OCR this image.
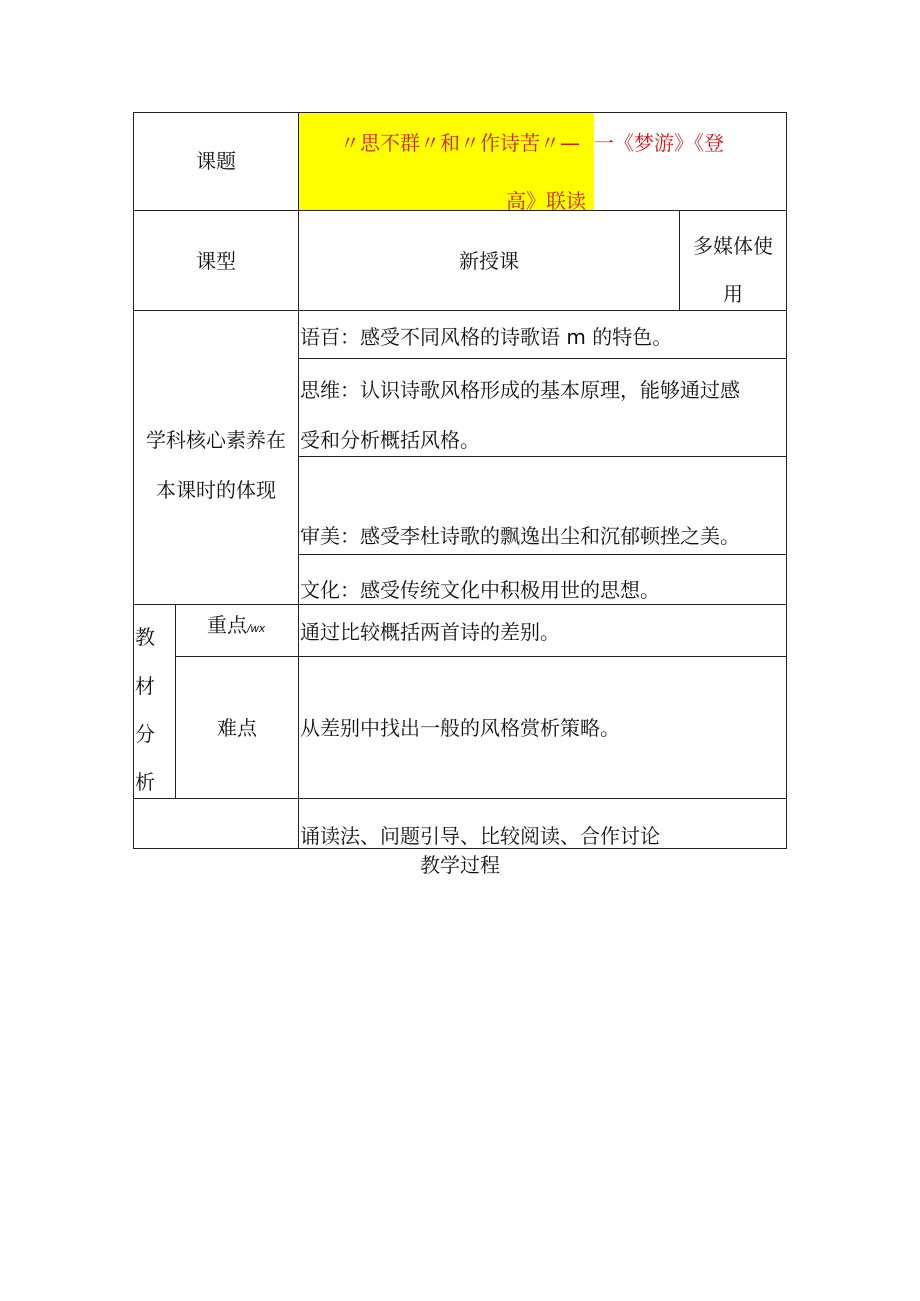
课题
〃思不群〃和〃作诗苦〃— 一《梦游》《登
高》联读
课型	新授课
多媒体使
用
学科核心素养在
本课时的体现
语百：感受不同风格的诗歌语 m 的特色。
思维：认识诗歌风格形成的基本原理，能够通过感
受和分析概括风格。
审美：感受李杜诗歌的飘逸出尘和沉郁顿挫之美。
文化：感受传统文化中积极用世的思想。
教
材
分
析
重点/wx 通过比较概括两首诗的差别。
难点	从差别中找出一般的风格赏析策略。
诵读法、问题引导、比较阅读、合作讨论
教学过程
